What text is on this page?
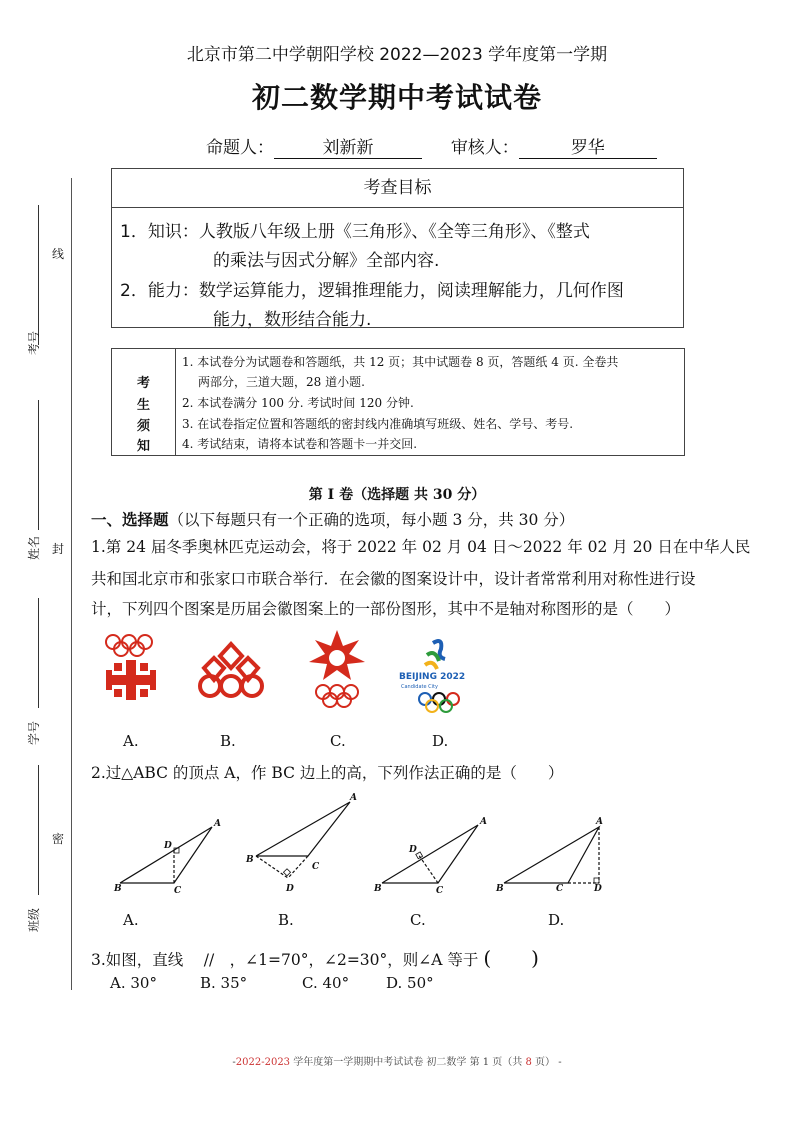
线
封
密
考号
姓名
学号
班级
北京市第二中学朝阳学校 2022—2023 学年度第一学期
初二数学期中考试试卷
命题人：	刘新新	审核人：	罗华
考查目标
1．知识：人教版八年级上册《三角形》、《全等三角形》、《整式
的乘法与因式分解》全部内容.
2．能力：数学运算能力，逻辑推理能力，阅读理解能力，几何作图
能力，数形结合能力.
考
生
须
知
1. 本试卷分为试题卷和答题纸，共 12 页；其中试题卷 8 页，答题纸 4 页. 全卷共
两部分，三道大题，28 道小题.
2. 本试卷满分 100 分. 考试时间 120 分钟.
3. 在试卷指定位置和答题纸的密封线内准确填写班级、姓名、学号、考号.
4. 考试结束，请将本试卷和答题卡一并交回.
第 I 卷（选择题 共 30 分）
一、选择题（以下每题只有一个正确的选项，每小题 3 分，共 30 分）
1.第 24 届冬季奥林匹克运动会，将于 2022 年 02 月 04 日～2022 年 02 月 20 日在中华人民
共和国北京市和张家口市联合举行．在会徽的图案设计中，设计者常常利用对称性进行设
计，下列四个图案是历届会徽图案上的一部份图形，其中不是轴对称图形的是（　　）
BEIJING 2022
Candidate City
A.	B.	C.	D.
2.过△ABC 的顶点 A，作 BC 边上的高，下列作法正确的是（　　）
B	C
A
D
B
C
A
D	B	C
A
D
B	C
A
D
A.	B.	C.	D.
3.如图，直线 　//　，∠1=70°，∠2=30°，则∠A 等于 (　　)
A. 30°	B. 35°	C. 40° D. 50°
-2022-2023 学年度第一学期期中考试试卷 初二数学 第 1 页（共 8 页） -
